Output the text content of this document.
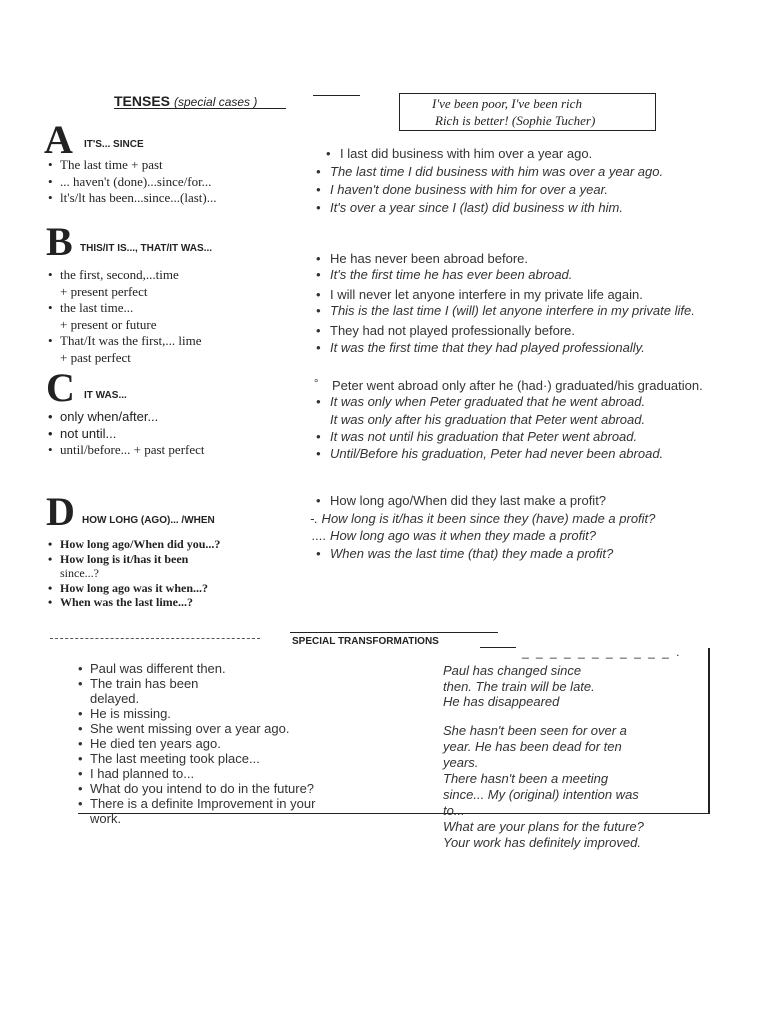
TENSES (special cases )	I've been poor, I've been rich
Rich is better! (Sophie Tucher)
A IT'S... SINCE
• The last time + past
• ... haven't (done)...since/for...
• lt's/lt has been...since...(last)...
• I last did business with him over a year ago.
• The last time I did business with him was over a year ago.
• I haven't done business with him for over a year.
• It's over a year since I (last) did business w ith him.
B THIS/IT IS..., THAT/IT WAS...
• the first, second,...time
+ present perfect
• the last time...
+ present or future
• That/It was the first,... lime
+ past perfect
• He has never been abroad before.
• It's the first time he has ever been abroad.
• I will never let anyone interfere in my private life again.
• This is the last time I (will) let anyone interfere in my private life.
• They had not played professionally before.
• It was the first time that they had played professionally.
C IT WAS...
• only when/after...
• not until...
• until/before... + past perfect
° Peter went abroad only after he (had·) graduated/his graduation.
• It was only when Peter graduated that he went abroad.
It was only after his graduation that Peter went abroad.
• It was not until his graduation that Peter went abroad.
• Until/Before his graduation, Peter had never been abroad.
D HOW LOHG (AGO)... /WHEN
• How long ago/When did you...?
• How long is it/has it been
since...?
• How long ago was it when...?
• When was the last lime...?
• How long ago/When did they last make a profit?
-. How long is it/has it been since they (have) made a profit?
.... How long ago was it when they made a profit?
• When was the last time (that) they made a profit?
SPECIAL TRANSFORMATIONS
_ _ _ _ _ _ _ _ _ _ _ .
• Paul was different then.
• The train has been
delayed.
• He is missing.
• She went missing over a year ago.
• He died ten years ago.
• The last meeting took place...
• I had planned to...
• What do you intend to do in the future?
• There is a definite Improvement in your
work.
Paul has changed since
then. The train will be late.
He has disappeared
She hasn't been seen for over a
year. He has been dead for ten
years.
There hasn't been a meeting
since... My (original) intention was
to...
What are your plans for the future?
Your work has definitely improved.
